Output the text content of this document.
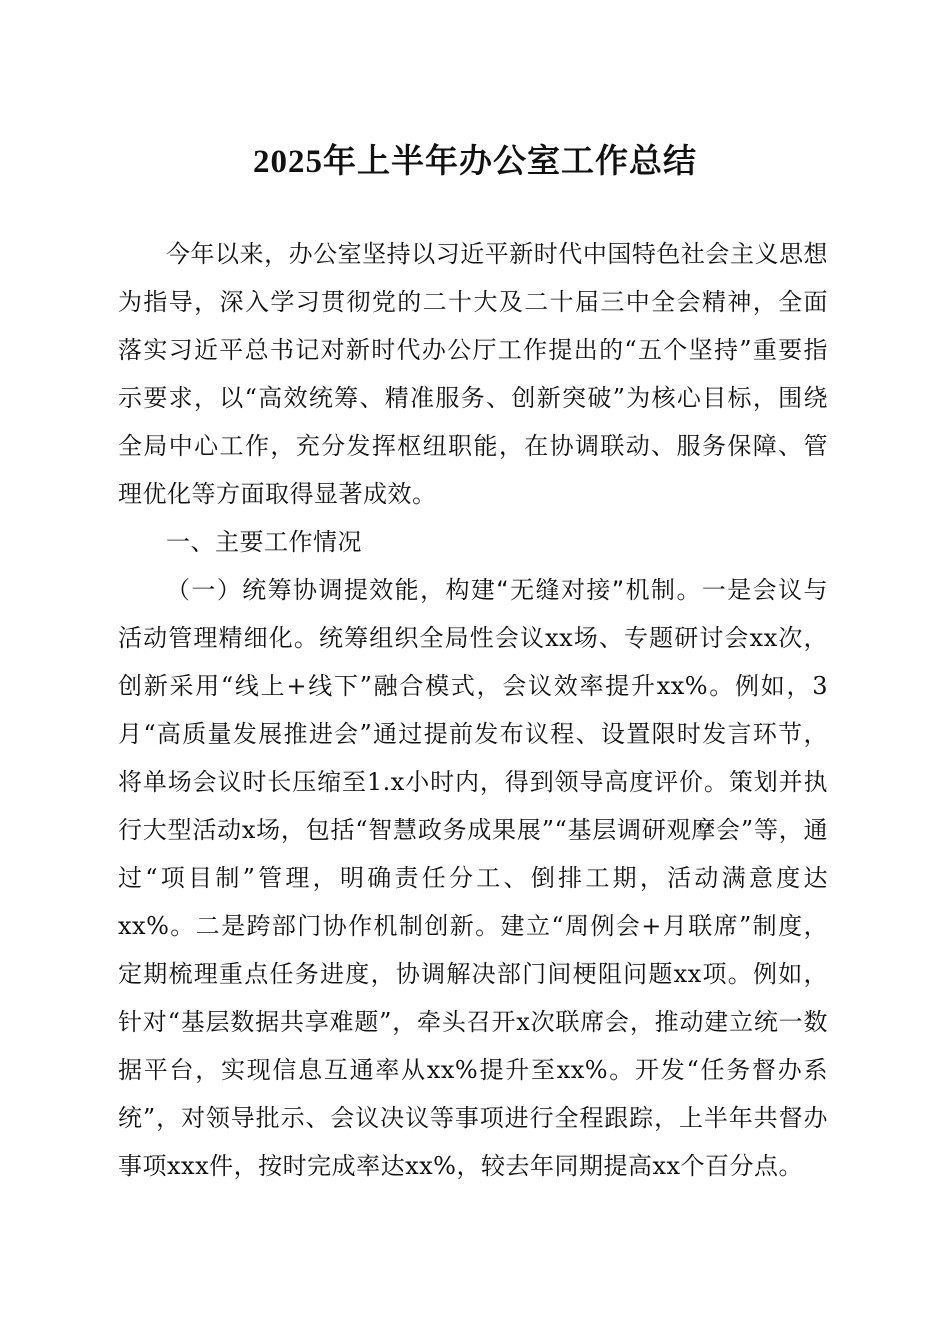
2025年上半年办公室工作总结

今年以来，办公室坚持以习近平新时代中国特色社会主义思想为指导，深入学习贯彻党的二十大及二十届三中全会精神，全面落实习近平总书记对新时代办公厅工作提出的“五个坚持”重要指示要求，以“高效统筹、精准服务、创新突破”为核心目标，围绕全局中心工作，充分发挥枢纽职能，在协调联动、服务保障、管理优化等方面取得显著成效。

一、主要工作情况

（一）统筹协调提效能，构建“无缝对接”机制。一是会议与活动管理精细化。统筹组织全局性会议xx场、专题研讨会xx次，创新采用“线上+线下”融合模式，会议效率提升xx%。例如，3月“高质量发展推进会”通过提前发布议程、设置限时发言环节，将单场会议时长压缩至1.x小时内，得到领导高度评价。策划并执行大型活动x场，包括“智慧政务成果展”“基层调研观摩会”等，通过“项目制”管理，明确责任分工、倒排工期，活动满意度达xx%。二是跨部门协作机制创新。建立“周例会+月联席”制度，定期梳理重点任务进度，协调解决部门间梗阻问题xx项。例如，针对“基层数据共享难题”，牵头召开x次联席会，推动建立统一数据平台，实现信息互通率从xx%提升至xx%。开发“任务督办系统”，对领导批示、会议决议等事项进行全程跟踪，上半年共督办事项xxx件，按时完成率达xx%，较去年同期提高xx个百分点。
